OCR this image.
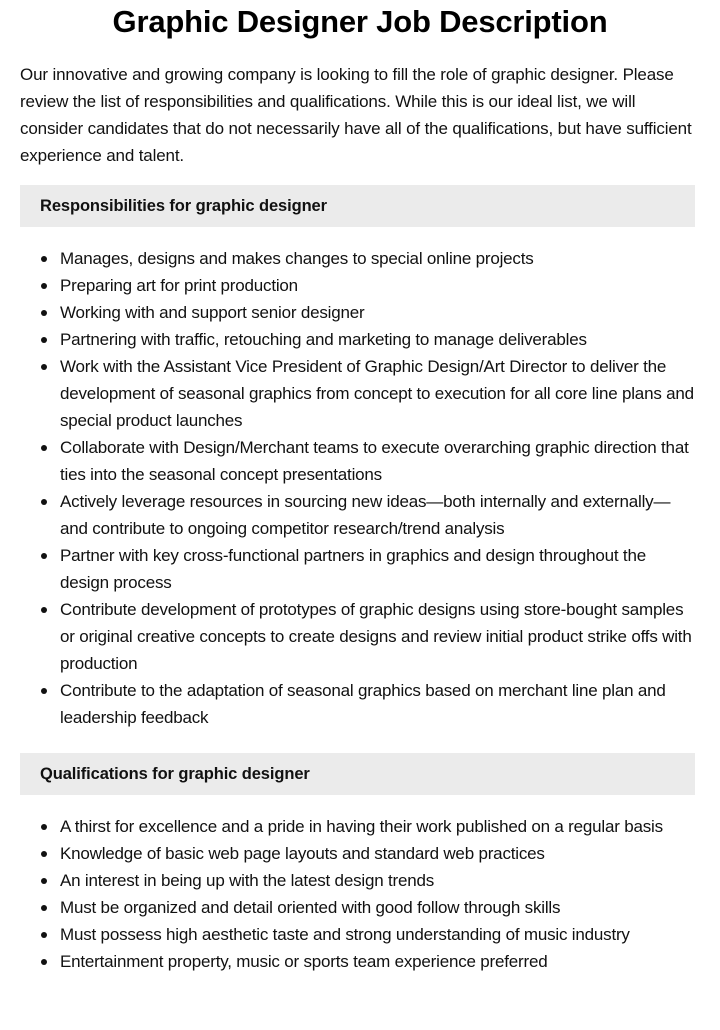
Graphic Designer Job Description

Our innovative and growing company is looking to fill the role of graphic designer. Please review the list of responsibilities and qualifications. While this is our ideal list, we will consider candidates that do not necessarily have all of the qualifications, but have sufficient experience and talent.

Responsibilities for graphic designer
Manages, designs and makes changes to special online projects
Preparing art for print production
Working with and support senior designer
Partnering with traffic, retouching and marketing to manage deliverables
Work with the Assistant Vice President of Graphic Design/Art Director to deliver the development of seasonal graphics from concept to execution for all core line plans and special product launches
Collaborate with Design/Merchant teams to execute overarching graphic direction that ties into the seasonal concept presentations
Actively leverage resources in sourcing new ideas—both internally and externally—and contribute to ongoing competitor research/trend analysis
Partner with key cross-functional partners in graphics and design throughout the design process
Contribute development of prototypes of graphic designs using store-bought samples or original creative concepts to create designs and review initial product strike offs with production
Contribute to the adaptation of seasonal graphics based on merchant line plan and leadership feedback
Qualifications for graphic designer
A thirst for excellence and a pride in having their work published on a regular basis
Knowledge of basic web page layouts and standard web practices
An interest in being up with the latest design trends
Must be organized and detail oriented with good follow through skills
Must possess high aesthetic taste and strong understanding of music industry
Entertainment property, music or sports team experience preferred
